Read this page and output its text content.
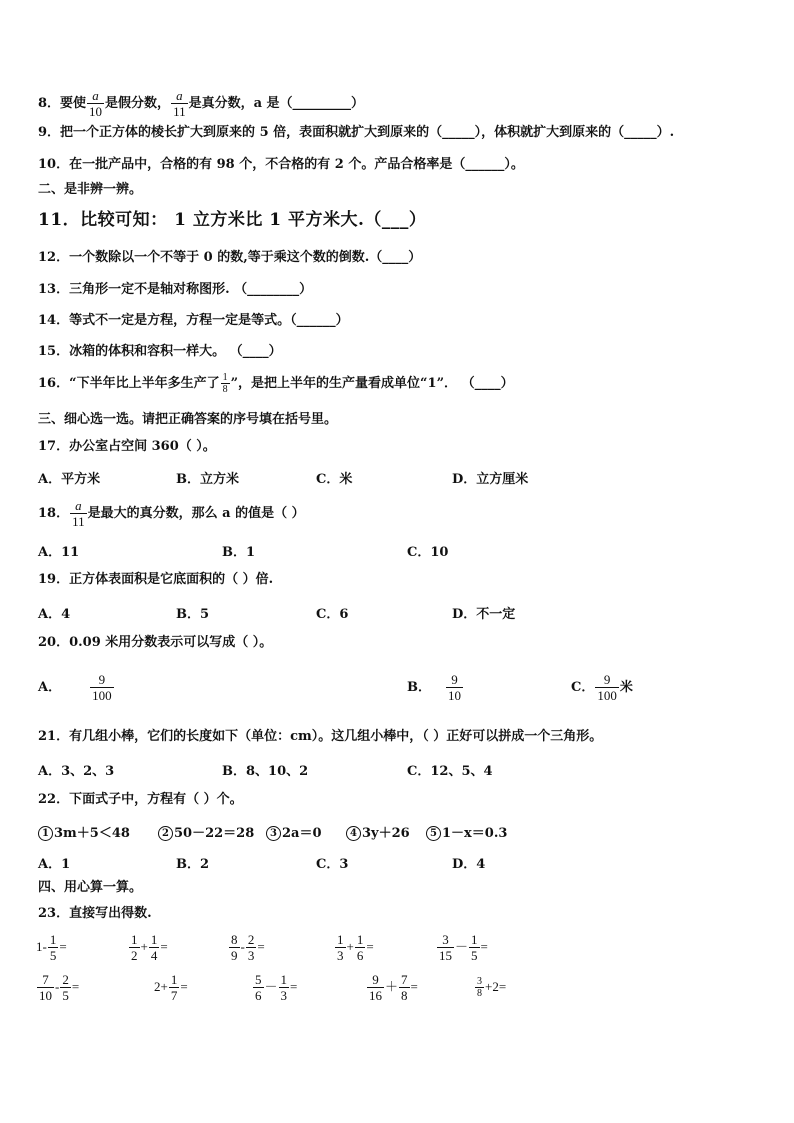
8．要使 $\frac{a}{10}$ 是假分数， $\frac{a}{11}$ 是真分数，a 是（_________）
9．把一个正方体的棱长扩大到原来的 5 倍，表面积就扩大到原来的（_____），体积就扩大到原来的（_____）.
10．在一批产品中，合格的有 98 个，不合格的有 2 个。产品合格率是（______）。
二、是非辨一辨。
11．比较可知： 1 立方米比 1 平方米大.（___）
12．一个数除以一个不等于 0 的数,等于乘这个数的倒数.（____）
13．三角形一定不是轴对称图形. （________）
14．等式不一定是方程，方程一定是等式。（______）
15．冰箱的体积和容积一样大。 （____）
16．“下半年比上半年多生产了 $\frac{1}{8}$ ”，是把上半年的生产量看成单位“1”． （____）
三、细心选一选。请把正确答案的序号填在括号里。
17．办公室占空间 360（ ）。
A．平方米	B．立方米	C．米	D．立方厘米
18． $\frac{a}{11}$ 是最大的真分数，那么 a 的值是（ ）
A．11	B．1	C．10
19．正方体表面积是它底面积的（ ）倍.
A．4	B．5	C．6	D．不一定
20．0.09 米用分数表示可以写成（ ）。
A． $\frac{9}{100}$	B． $\frac{9}{10}$	C． $\frac{9}{100}$ 米
21．有几组小棒，它们的长度如下（单位：cm）。这几组小棒中，（ ）正好可以拼成一个三角形。
A．3、2、3	B．8、10、2	C．12、5、4
22．下面式子中，方程有（ ）个。
1 3m＋5＜48	2 50－22＝28	3 2a＝0	4 3y＋26	5 1－x＝0.3
A．1	B．2	C．3	D．4
四、用心算一算。
23．直接写出得数.
$1- \frac{1}{5}$ =	$\frac{1}{2} + \frac{1}{4}$ =	$\frac{8}{9} - \frac{2}{3}$ =	$\frac{1}{3} + \frac{1}{6}$ =	$\frac{3}{15} - \frac{1}{5}$ =
$\frac{7}{10} - \frac{2}{5}$ =	$2+ \frac{1}{7}$ =	$\frac{5}{6} - \frac{1}{3}$ =	$\frac{9}{16} + \frac{7}{8}$ =	$\frac{3}{8} +2=$
